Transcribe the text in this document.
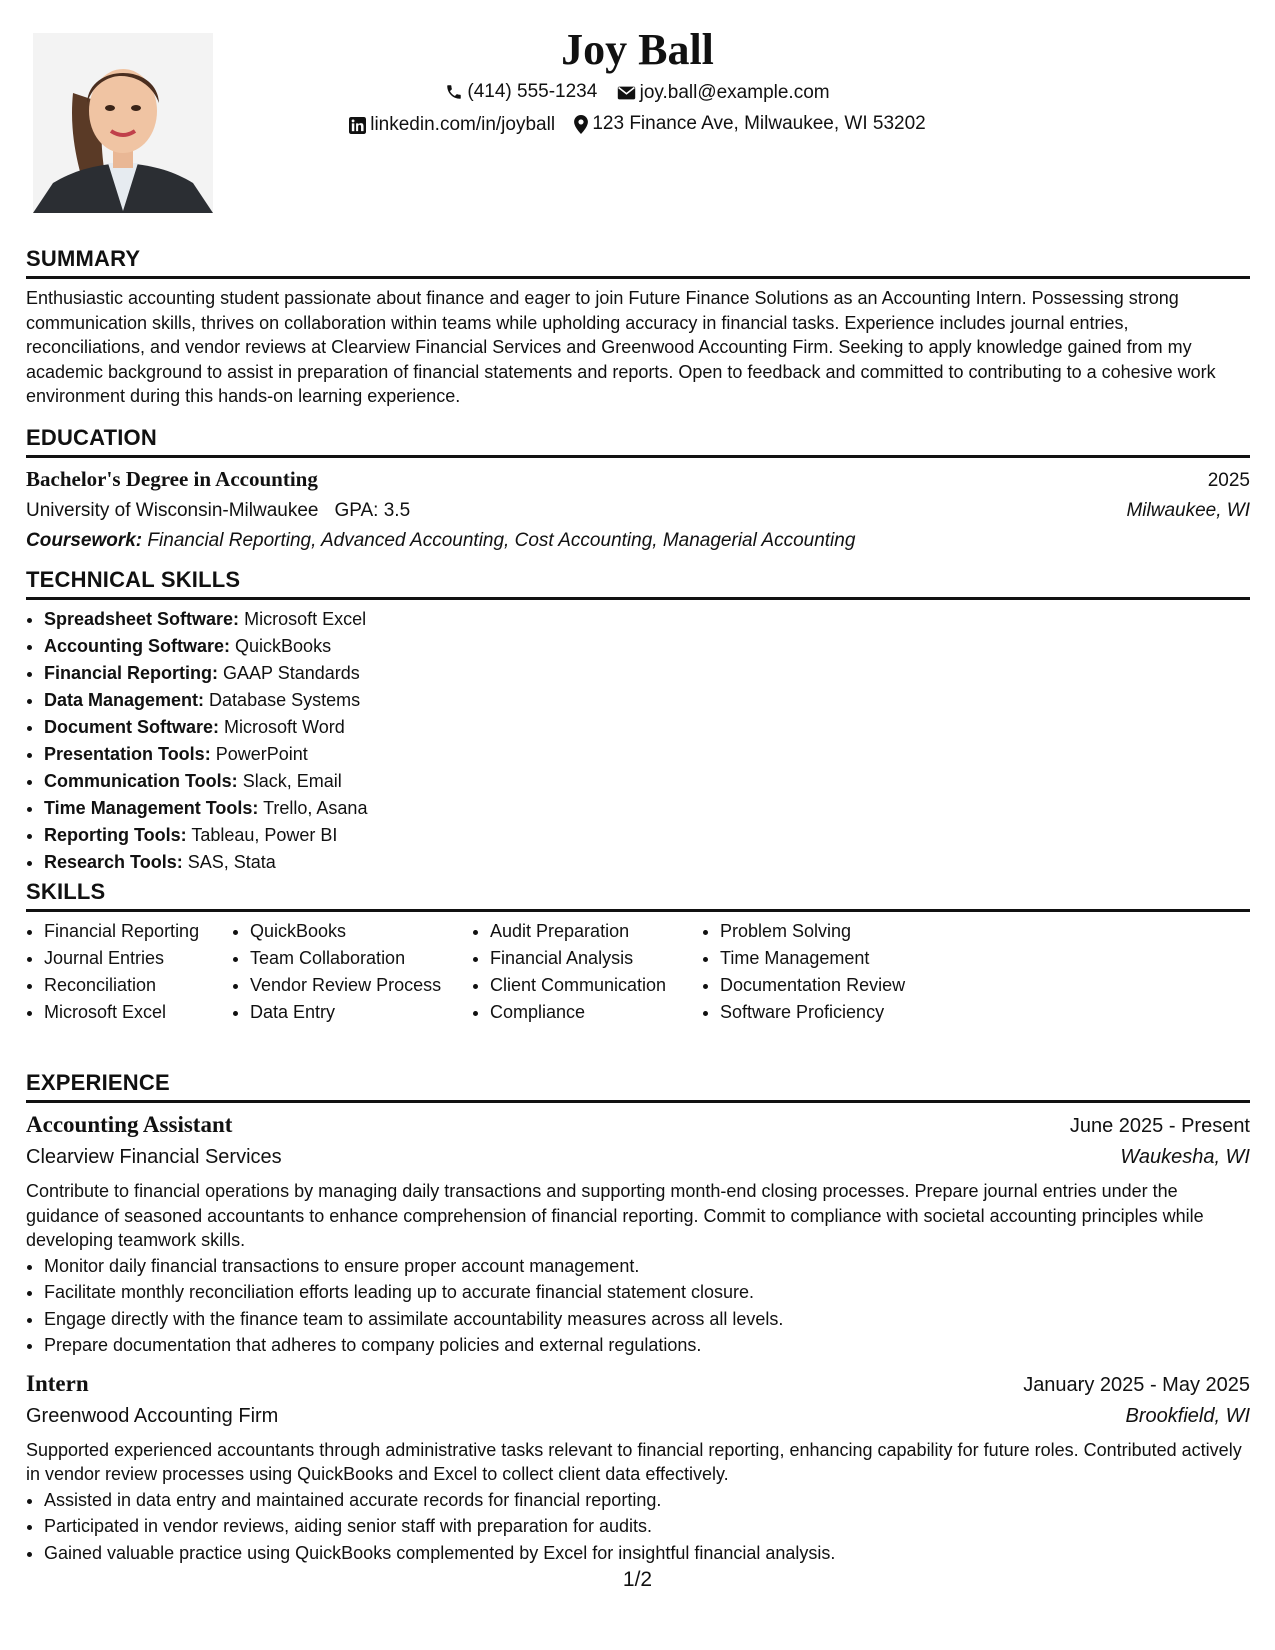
Joy Ball
(414) 555-1234
joy.ball@example.com
linkedin.com/in/joyball
123 Finance Ave, Milwaukee, WI 53202
SUMMARY

Enthusiastic accounting student passionate about finance and eager to join Future Finance Solutions as an Accounting Intern. Possessing strong communication skills, thrives on collaboration within teams while upholding accuracy in financial tasks. Experience includes journal entries, reconciliations, and vendor reviews at Clearview Financial Services and Greenwood Accounting Firm. Seeking to apply knowledge gained from my academic background to assist in preparation of financial statements and reports. Open to feedback and committed to contributing to a cohesive work environment during this hands-on learning experience.

EDUCATION
Bachelor's Degree in Accounting	2025
University of Wisconsin-Milwaukee GPA: 3.5	Milwaukee, WI
Coursework: Financial Reporting, Advanced Accounting, Cost Accounting, Managerial Accounting
TECHNICAL SKILLS
• Spreadsheet Software: Microsoft Excel
• Accounting Software: QuickBooks
• Financial Reporting: GAAP Standards
• Data Management: Database Systems
• Document Software: Microsoft Word
• Presentation Tools: PowerPoint
• Communication Tools: Slack, Email
• Time Management Tools: Trello, Asana
• Reporting Tools: Tableau, Power BI
• Research Tools: SAS, Stata
SKILLS
• Financial Reporting
• Journal Entries
• Reconciliation
• Microsoft Excel
• QuickBooks
• Team Collaboration
• Vendor Review Process
• Data Entry
• Audit Preparation
• Financial Analysis
• Client Communication
• Compliance
• Problem Solving
• Time Management
• Documentation Review
• Software Proficiency
EXPERIENCE
Accounting Assistant	June 2025 - Present
Clearview Financial Services	Waukesha, WI

Contribute to financial operations by managing daily transactions and supporting month-end closing processes. Prepare journal entries under the guidance of seasoned accountants to enhance comprehension of financial reporting. Commit to compliance with societal accounting principles while developing teamwork skills.

• Monitor daily financial transactions to ensure proper account management.
• Facilitate monthly reconciliation efforts leading up to accurate financial statement closure.
• Engage directly with the finance team to assimilate accountability measures across all levels.
• Prepare documentation that adheres to company policies and external regulations.
Intern	January 2025 - May 2025
Greenwood Accounting Firm	Brookfield, WI

Supported experienced accountants through administrative tasks relevant to financial reporting, enhancing capability for future roles. Contributed actively in vendor review processes using QuickBooks and Excel to collect client data effectively.

• Assisted in data entry and maintained accurate records for financial reporting.
• Participated in vendor reviews, aiding senior staff with preparation for audits.
• Gained valuable practice using QuickBooks complemented by Excel for insightful financial analysis.
1/2
